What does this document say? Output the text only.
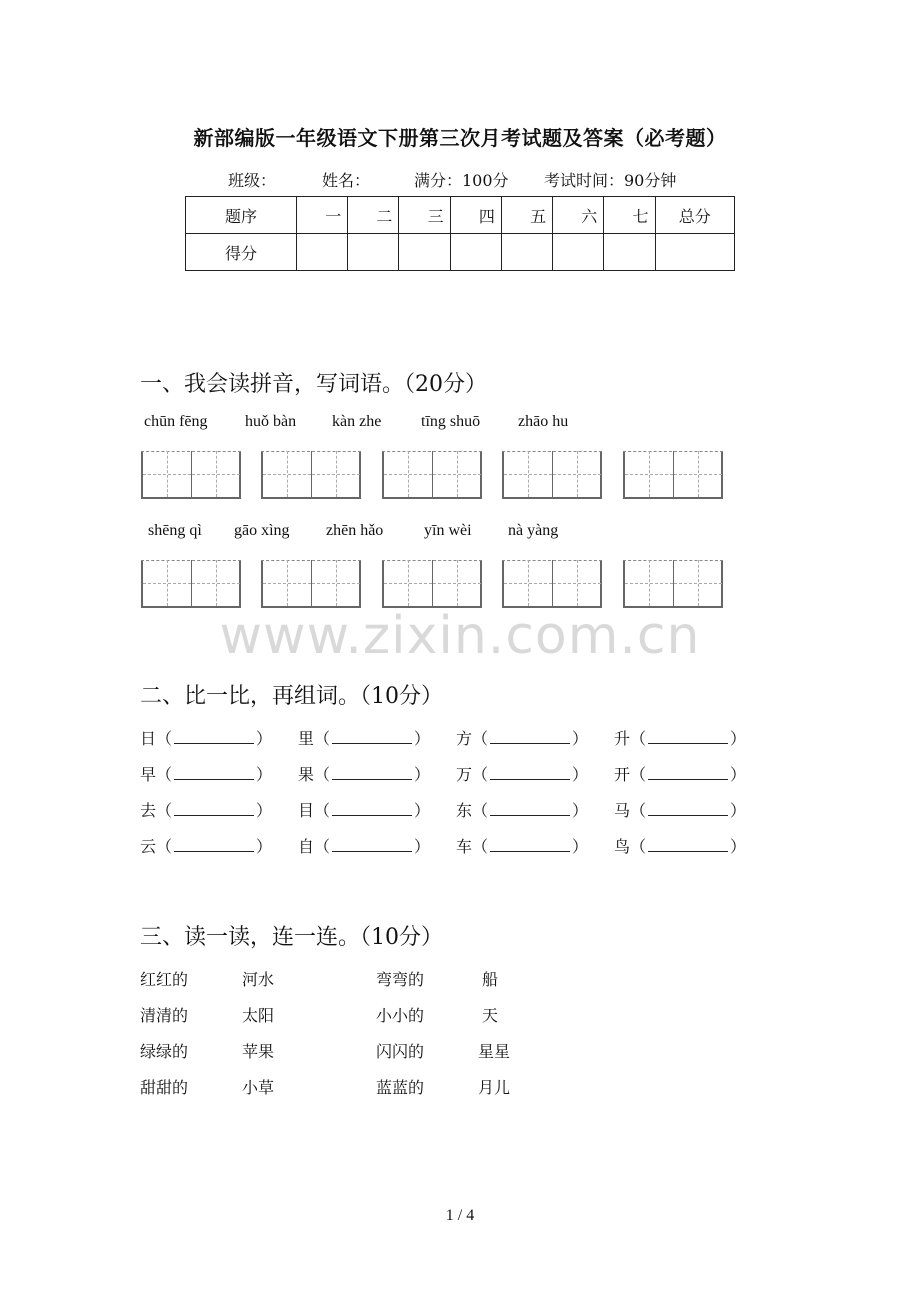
新部编版一年级语文下册第三次月考试题及答案（必考题）
班级：	姓名：	满分：100分 考试时间：90分钟
题序	一	二	三	四	五	六	七	总分
得分								
一、我会读拼音，写词语。（20分）
chūn fēng huǒ bàn kàn zhe tīng shuō zhāo hu
shēng qì gāo xìng zhēn hǎo	yīn wèi nà yàng
www.zixin.com.cn
二、比一比，再组词。（10分）
日（	） 里（	） 方（	） 升（	）
早（	） 果（	） 万（	） 开（	）
去（	） 目（	） 东（	） 马（	）
云（	） 自（	） 车（	） 鸟（	）
三、读一读，连一连。（10分）
红红的	河水	弯弯的	船
清清的	太阳	小小的	天
绿绿的	苹果	闪闪的	星星
甜甜的	小草	蓝蓝的	月儿
1 / 4
